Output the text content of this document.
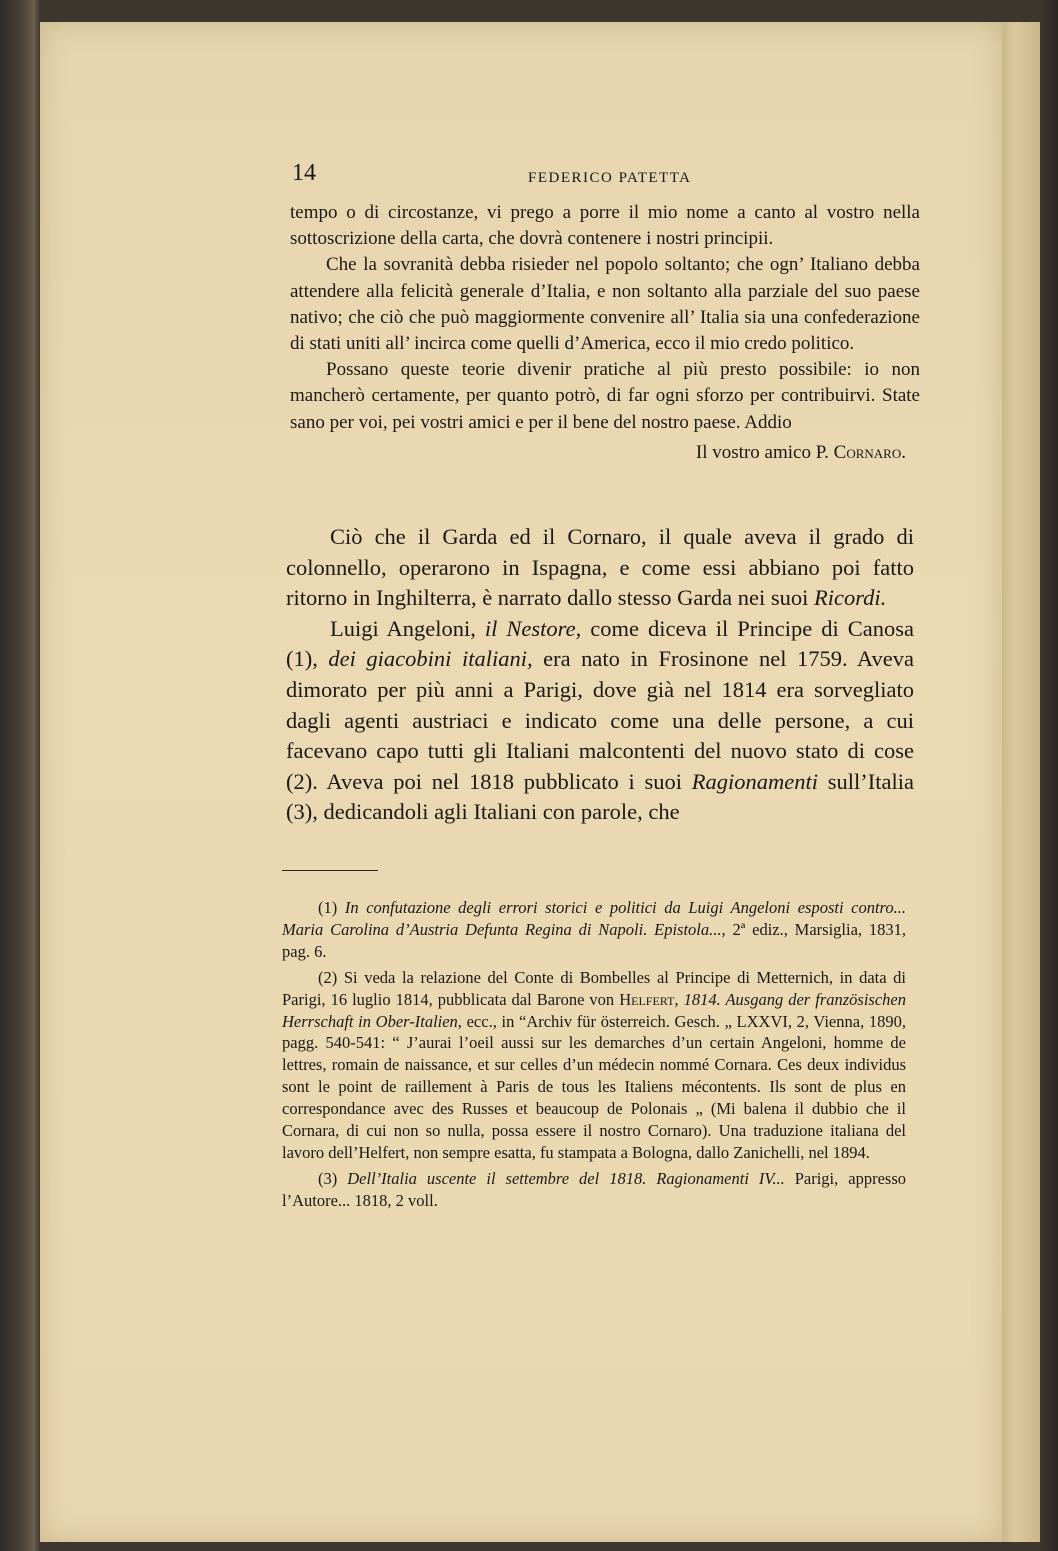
14	FEDERICO PATETTA

tempo o di circostanze, vi prego a porre il mio nome a canto al vostro nella sottoscrizione della carta, che dovrà contenere i nostri principii.

Che la sovranità debba risieder nel popolo soltanto; che ogn’ Italiano debba attendere alla felicità generale d’Italia, e non soltanto alla parziale del suo paese nativo; che ciò che può maggiormente convenire all’ Italia sia una confederazione di stati uniti all’ incirca come quelli d’America, ecco il mio credo politico.

Possano queste teorie divenir pratiche al più presto possibile: io non mancherò certamente, per quanto potrò, di far ogni sforzo per contribuirvi. State sano per voi, pei vostri amici e per il bene del nostro paese. Addio

Il vostro amico P. Cornaro.

Ciò che il Garda ed il Cornaro, il quale aveva il grado di colonnello, operarono in Ispagna, e come essi abbiano poi fatto ritorno in Inghilterra, è narrato dallo stesso Garda nei suoi Ricordi.

Luigi Angeloni, il Nestore, come diceva il Principe di Canosa (1), dei giacobini italiani, era nato in Frosinone nel 1759. Aveva dimorato per più anni a Parigi, dove già nel 1814 era sorvegliato dagli agenti austriaci e indicato come una delle persone, a cui facevano capo tutti gli Italiani malcontenti del nuovo stato di cose (2). Aveva poi nel 1818 pubblicato i suoi Ragionamenti sull’Italia (3), dedicandoli agli Italiani con parole, che

(1) In confutazione degli errori storici e politici da Luigi Angeloni esposti contro... Maria Carolina d’Austria Defunta Regina di Napoli. Epistola..., 2ª ediz., Marsiglia, 1831, pag. 6.

(2) Si veda la relazione del Conte di Bombelles al Principe di Metternich, in data di Parigi, 16 luglio 1814, pubblicata dal Barone von Helfert, 1814. Ausgang der französischen Herrschaft in Ober-Italien, ecc., in “Archiv für österreich. Gesch. „ LXXVI, 2, Vienna, 1890, pagg. 540-541: “ J’aurai l’oeil aussi sur les demarches d’un certain Angeloni, homme de lettres, romain de naissance, et sur celles d’un médecin nommé Cornara. Ces deux individus sont le point de raillement à Paris de tous les Italiens mécontents. Ils sont de plus en correspondance avec des Russes et beaucoup de Polonais „ (Mi balena il dubbio che il Cornara, di cui non so nulla, possa essere il nostro Cornaro). Una traduzione italiana del lavoro dell’Helfert, non sempre esatta, fu stampata a Bologna, dallo Zanichelli, nel 1894.

(3) Dell’Italia uscente il settembre del 1818. Ragionamenti IV... Parigi, appresso l’Autore... 1818, 2 voll.
